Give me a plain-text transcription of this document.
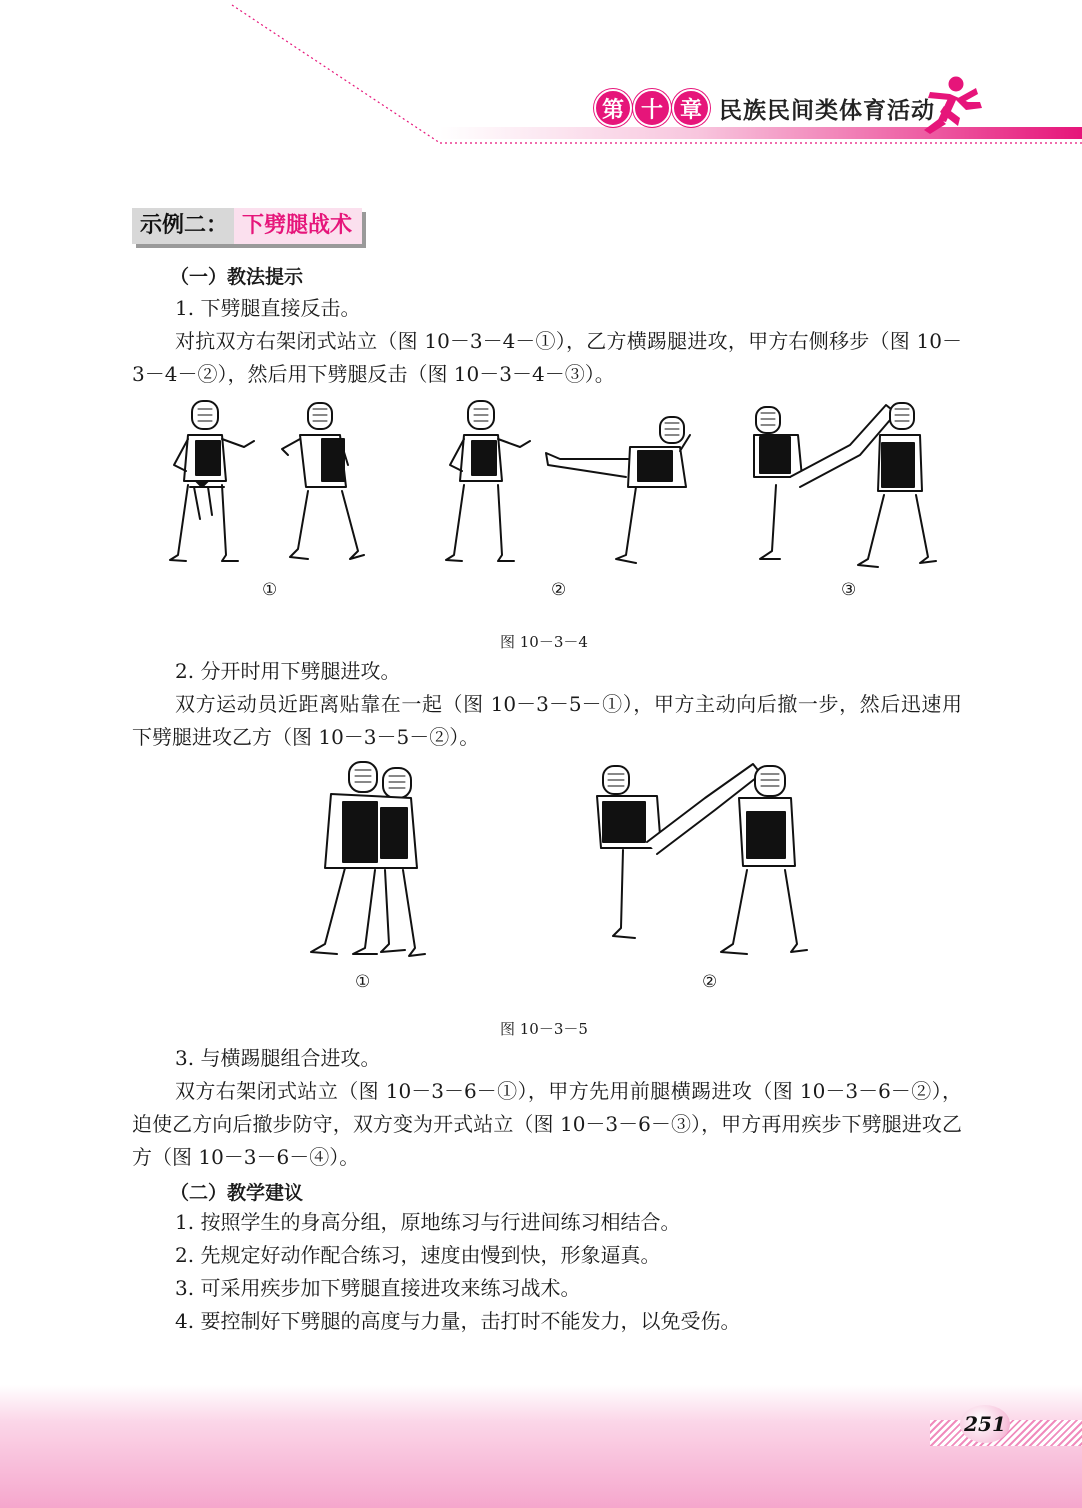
第 十 章 民族民间类体育活动
示例二： 下劈腿战术
（一）教法提示
1. 下劈腿直接反击。
对抗双方右架闭式站立（图 10－3－4－①），乙方横踢腿进攻，甲方右侧移步（图 10－3－4－②），然后用下劈腿反击（图 10－3－4－③）。
①	②	③
图 10－3－4
2. 分开时用下劈腿进攻。
双方运动员近距离贴靠在一起（图 10－3－5－①），甲方主动向后撤一步，然后迅速用下劈腿进攻乙方（图 10－3－5－②）。
①	②
图 10－3－5
3. 与横踢腿组合进攻。
双方右架闭式站立（图 10－3－6－①），甲方先用前腿横踢进攻（图 10－3－6－②），迫使乙方向后撤步防守，双方变为开式站立（图 10－3－6－③），甲方再用疾步下劈腿进攻乙方（图 10－3－6－④）。
（二）教学建议
1. 按照学生的身高分组，原地练习与行进间练习相结合。
2. 先规定好动作配合练习，速度由慢到快，形象逼真。
3. 可采用疾步加下劈腿直接进攻来练习战术。
4. 要控制好下劈腿的高度与力量，击打时不能发力，以免受伤。
251
